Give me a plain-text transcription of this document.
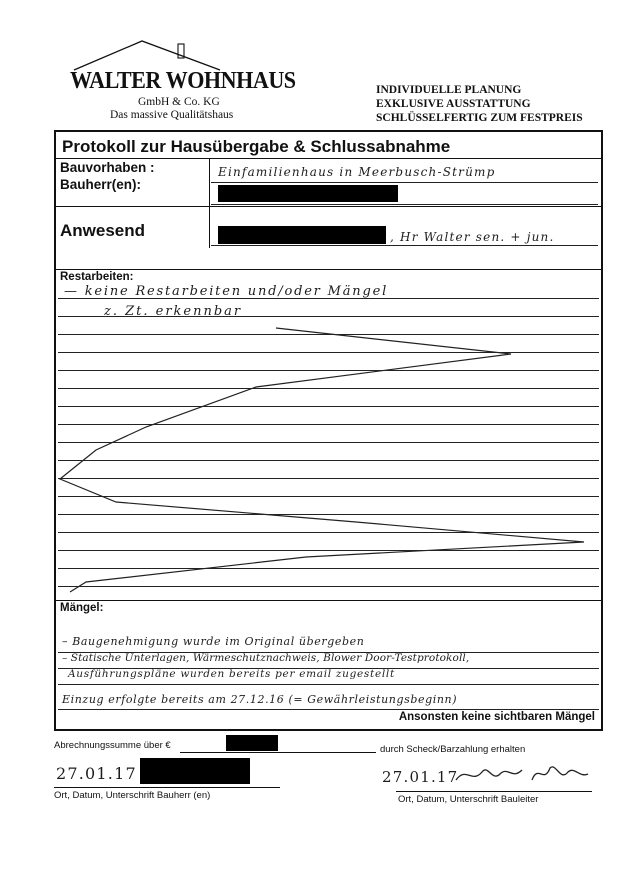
WALTER WOHNHAUS
GmbH & Co. KG
Das massive Qualitätshaus
INDIVIDUELLE PLANUNG
EXKLUSIVE AUSSTATTUNG
SCHLÜSSELFERTIG ZUM FESTPREIS
Protokoll zur Hausübergabe & Schlussabnahme
Bauvorhaben :
Bauherr(en):
Einfamilienhaus in Meerbusch-Strümp
Anwesend	, Hr Walter sen. + jun.
Restarbeiten:
— keine Restarbeiten und/oder Mängel
z. Zt. erkennbar
Mängel:
– Baugenehmigung wurde im Original übergeben
– Statische Unterlagen, Wärmeschutznachweis, Blower Door-Testprotokoll,
Ausführungspläne wurden bereits per email zugestellt
Einzug erfolgte bereits am 27.12.16 (= Gewährleistungsbeginn)
Ansonsten keine sichtbaren Mängel
Abrechnungssumme über €	durch Scheck/Barzahlung erhalten
27.01.17
Ort, Datum, Unterschrift Bauherr (en)
27.01.17
Ort, Datum, Unterschrift Bauleiter
